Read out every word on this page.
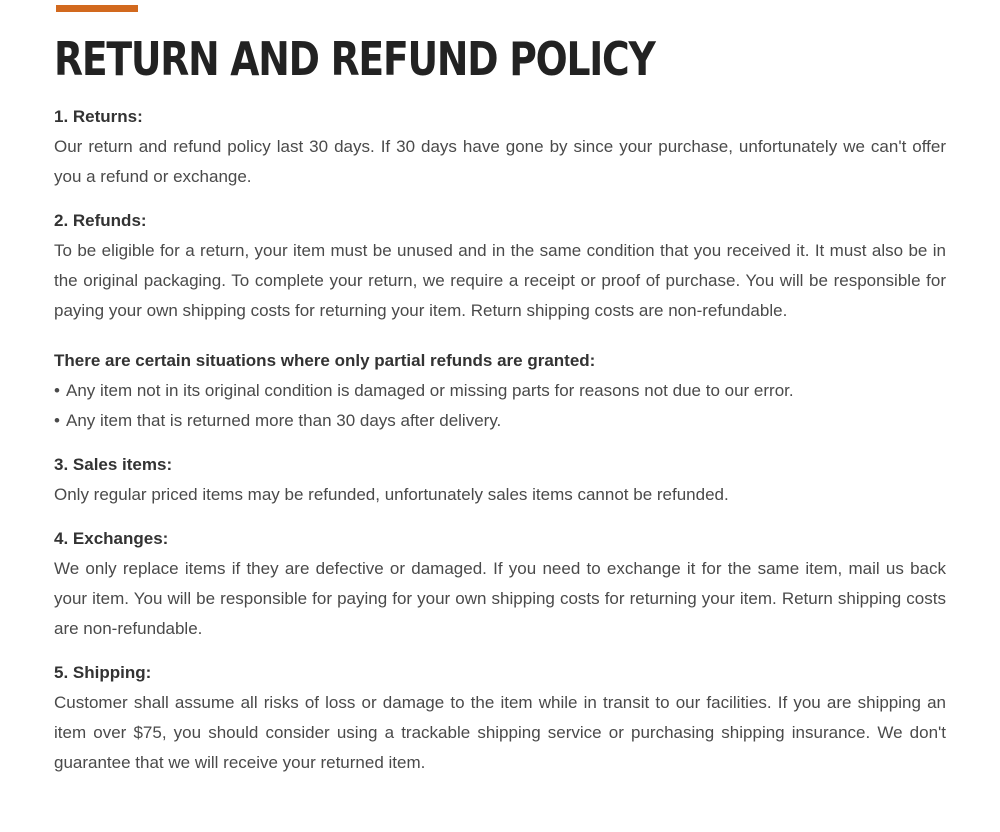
RETURN AND REFUND POLICY

1. Returns:

Our return and refund policy last 30 days. If 30 days have gone by since your purchase, unfortunately we can't offer you a refund or exchange.

2. Refunds:

To be eligible for a return, your item must be unused and in the same condition that you received it. It must also be in the original packaging. To complete your return, we require a receipt or proof of purchase. You will be responsible for paying your own shipping costs for returning your item. Return shipping costs are non-refundable.

There are certain situations where only partial refunds are granted:

• Any item not in its original condition is damaged or missing parts for reasons not due to our error.
• Any item that is returned more than 30 days after delivery.

3. Sales items:

Only regular priced items may be refunded, unfortunately sales items cannot be refunded.

4. Exchanges:

We only replace items if they are defective or damaged. If you need to exchange it for the same item, mail us back your item. You will be responsible for paying for your own shipping costs for returning your item. Return shipping costs are non-refundable.

5. Shipping:

Customer shall assume all risks of loss or damage to the item while in transit to our facilities. If you are shipping an item over $75, you should consider using a trackable shipping service or purchasing shipping insurance. We don't guarantee that we will receive your returned item.
